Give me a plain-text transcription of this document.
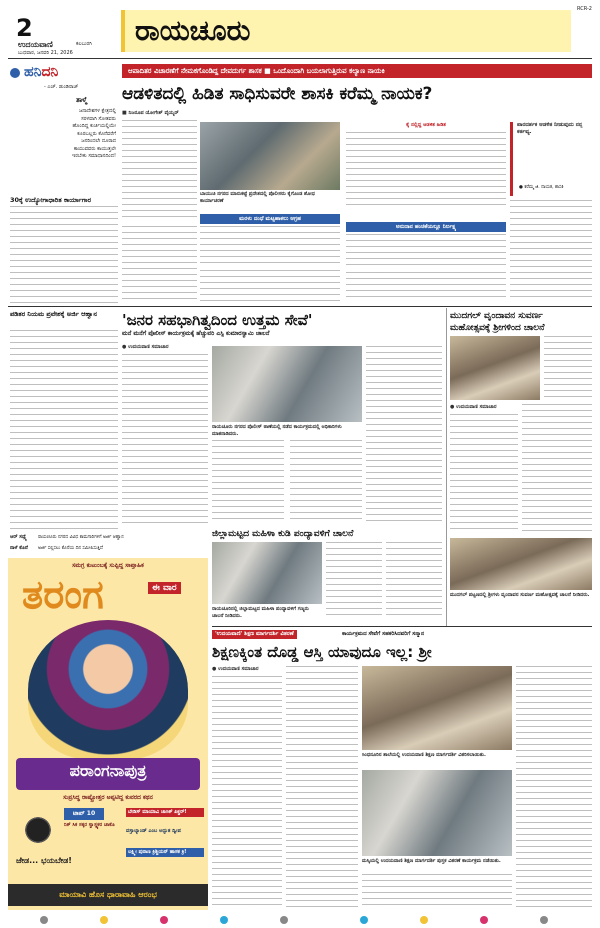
2
ಉದಯವಾಣಿ	ಕಲಬುರಗಿ
ಬುಧವಾರ, ಜನವರಿ 21, 2026
ರಾಯಚೂರು
RCR-2
ಹನಿದನಿ
- ಎಚ್. ಡುಂಡಿರಾಜ್
ತಾಳ್ಮೆ
ಜನಾದೇಶಗಳ ಕ್ಷೇತ್ರದಲ್ಲಿ
ಸರಳವಾಗಿ ಸೋತವರು
ಹೊಂದಿದ್ದ ಕುರ್ಚಿಯಲ್ಲಿಯೇ
ಕೂರಬಲ್ಲರು ಕೊನೆವರೆಗೆ
ಜನರಿಂದಲೇ ದೂರಾದ
ಕಾಯುವವರು ಕಾಯುತ್ತಲೇ
ಇರಬೇಕು ಸಮಾಧಾನದಿಂದ!
30ಕ್ಕೆ ಉದ್ಯೋಗಾಧಾರಿತ ಕಾರ್ಯಾಗಾರ
ಆಪಾದಿತರ ವಿಚಾರಣೆಗೆ ನೇಮಕಗೊಂಡಿದ್ದ ದೇವದುರ್ಗ ಶಾಸಕ ■ ಒಂದೊಂದಾಗಿ ಬಯಲಾಗುತ್ತಿರುವ ಕಲ್ಯಾಣ ನಾಯಕಿ
ಆಡಳಿತದಲ್ಲಿ ಹಿಡಿತ ಸಾಧಿಸುವರೇ ಶಾಸಕಿ ಕರೆಮ್ಮ ನಾಯಕ?
■ ನಿಜರೂಪ ಯೋಗೇಶ್ ವೈಯ್ಯರ್
ಬಾಯುಚಿ ನಗರದ ಮಾರುಕಟ್ಟೆ ಪ್ರದೇಶದಲ್ಲಿ ಪೊಲೀಸರು ಕೈಗೊಂಡ ಶೋಧ ಕಾರ್ಯಾಚರಣೆ
ಕೈ ನಲ್ಲಿದ್ದ ಆಡಳಿತ ಹಿಡಿತ	ಪಾರದರ್ಶಕ ಆಡಳಿತ ನೀಡುವುದು ನನ್ನ ಕರ್ತವ್ಯ.
● ಕರೆಮ್ಮ ಜಿ. ನಾಯಕ, ಶಾಸಕಿ
ಮರಳು ದಂಧೆ ಮಟ್ಟಹಾಕಲು ಆಗ್ರಹ
ಅನುದಾನ ಹಂಚಿಕೆಯಲ್ಲೂ ನಿರ್ಲಕ್ಷ್ಯ
ಪಡಿತರ ನಿಯಮ ಪ್ರವೇಶಕ್ಕೆ ಅರ್ಜಿ ಆಹ್ವಾನ	'ಜನರ ಸಹಭಾಗಿತ್ವದಿಂದ ಉತ್ತಮ ಸೇವೆ'
ಮನೆ ಮನೆಗೆ ಪೊಲೀಸ್ ಕಾರ್ಯಕ್ರಮಕ್ಕೆ ಹೆಚ್ಚುವರಿ ಎಸ್ಪಿ ಕುಮಾರಸ್ವಾಮಿ ಚಾಲನೆ
● ಉದಯವಾಣಿ ಸಮಾಚಾರ
ರಾಯಚೂರು ನಗರದ ಪೊಲೀಸ್ ಠಾಣೆಯಲ್ಲಿ ನಡೆದ ಕಾರ್ಯಕ್ರಮದಲ್ಲಿ ಅಧಿಕಾರಿಗಳು ಮಾತನಾಡಿದರು.
ಮುದಗಲ್ ವೃಂದಾವನ ಸುವರ್ಣ
ಮಹೋತ್ಸವಕ್ಕೆ ಶ್ರೀಗಳಿಂದ ಚಾಲನೆ
● ಉದಯವಾಣಿ ಸಮಾಚಾರ
ಮುದಗಲ್ ಪಟ್ಟಣದಲ್ಲಿ ಶ್ರೀಗಳು ವೃಂದಾವನ ಸುವರ್ಣ ಮಹೋತ್ಸವಕ್ಕೆ ಚಾಲನೆ ನೀಡಿದರು.
ಜಿಲ್ಲಾಮಟ್ಟದ ಮಹಿಳಾ ಕುಡಿ ಪಂದ್ಯಾವಳಿಗೆ ಚಾಲನೆ
ರಾಯಚೂರಿನಲ್ಲಿ ಜಿಲ್ಲಾಮಟ್ಟದ ಮಹಿಳಾ ಪಂದ್ಯಾವಳಿಗೆ ಗಣ್ಯರು ಚಾಲನೆ ನೀಡಿದರು.
ಆರ್ ಸದ್ಸ್ಯೆ	ರಾಯಚೂರು ನಗರದ ವಿವಿಧ ಕಾಮಗಾರಿಗಳಿಗೆ ಅರ್ಜಿ ಆಹ್ವಾನ
ನಾಳೆ ಕೊನೆ	ಅರ್ಜಿ ಸಲ್ಲಿಸಲು ಕೊನೆಯ ದಿನ ಸಮೀಪಿಸುತ್ತಿದೆ
ಸಮಗ್ರ ಕುಟುಂಬಕ್ಕೆ ಸುಪ್ಪಿದ್ದ ಸಾಪ್ತಾಹಿಕ
ತರಂಗ	ಈ ವಾರ
ಪರಾಂಗನಾಪುತ್ರ
ಸುಪ್ರಸಿದ್ಧ ರಾಷ್ಟ್ರೋತ್ತರ ಅಪ್ಪಟಿದ್ದ ಕುವರದ ಕಥನ
ಟಾಪ್ 10
ನಿಕ್ ಸಿಕ ಸಕ್ಕರ ಸ್ವಾಸ್ಥ್ಯಕರ ಚಾಕೊ
ಬೇಡಿಸ್ ಮಾಯಾವಿ ಜಾಸಿಕ್ ಪಿಕ್ಚರ್!
ವಸ್ತಾಲ್ಯಾಂಡ್ ಎಂಬ ಅದ್ಭುತ ದ್ವೀಪ
ಲಕ್ಷ್ಮೀ ಪುರಾಣ ಕ್ರಿಶ್ಚಿಯನ್ ಹಾಸಕ ಕ್ರಿ!
ಜೇಡ... ಭಯಬೇಡ!
ಮಾಯಾವಿ ಹೊಸ ಧಾರಾವಾಹಿ ಆರಂಭ
'ಉದಯವಾಣಿ' ಶಿಕ್ಷಣ ಮಾರ್ಗದರ್ಶಿ ವಿತರಣೆ	ಕಾರ್ಯಕ್ರಮದ ಸೇವೆಗೆ ಸಹಕರಿಸಿದವರಿಗೆ ಸನ್ಮಾನ
ಶಿಕ್ಷಣಕ್ಕಿಂತ ದೊಡ್ಡ ಆಸ್ತಿ ಯಾವುದೂ ಇಲ್ಲ: ಶ್ರೀ
● ಉದಯವಾಣಿ ಸಮಾಚಾರ
ಸಿಂಧನೂರಿನ ಶಾಲೆಯಲ್ಲಿ ಉದಯವಾಣಿ ಶಿಕ್ಷಣ ಮಾರ್ಗದರ್ಶಿ ವಿತರಿಸಲಾಯಿತು.
ಮಸ್ಕಿಯಲ್ಲಿ ಉದಯವಾಣಿ ಶಿಕ್ಷಣ ಮಾರ್ಗದರ್ಶಿ ಪುಸ್ತಕ ವಿತರಣೆ ಕಾರ್ಯಕ್ರಮ ನಡೆಯಿತು.
